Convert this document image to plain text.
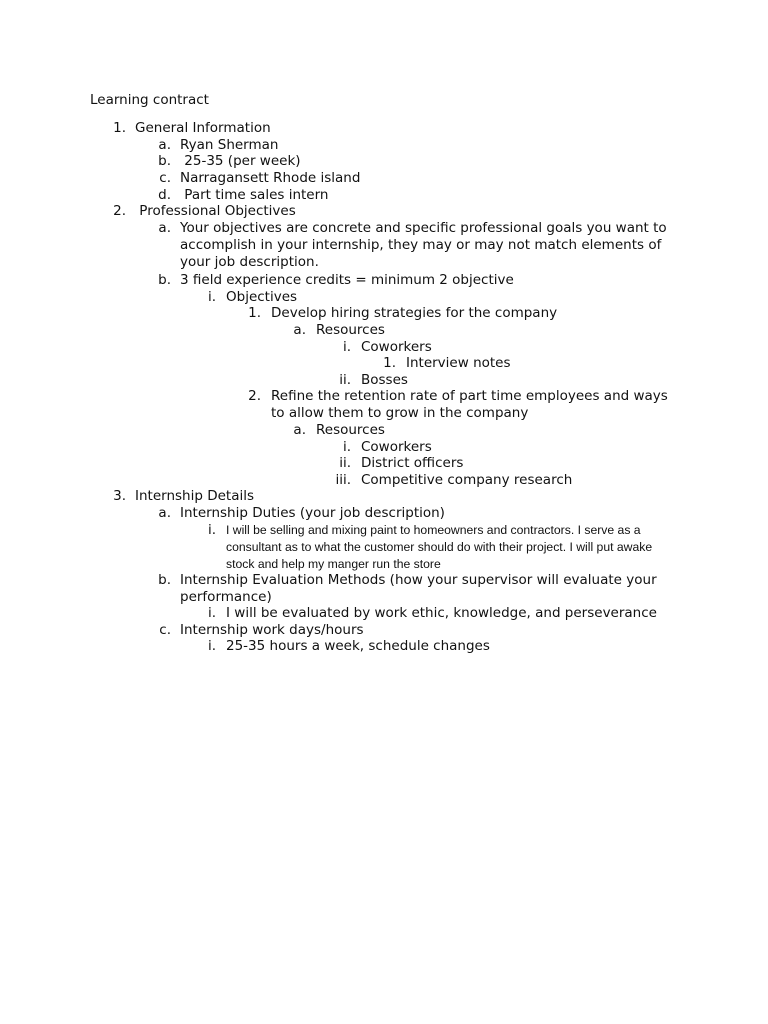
Learning contract
1. General Information
a. Ryan Sherman
b. 25-35 (per week)
c. Narragansett Rhode island
d. Part time sales intern
2. Professional Objectives
a. Your objectives are concrete and specific professional goals you want to accomplish in your internship, they may or may not match elements of your job description.
b. 3 field experience credits = minimum 2 objective
i. Objectives
1. Develop hiring strategies for the company
a. Resources
i. Coworkers
1. Interview notes
ii. Bosses
2. Refine the retention rate of part time employees and ways to allow them to grow in the company
a. Resources
i. Coworkers
ii. District officers
iii. Competitive company research
3. Internship Details
a. Internship Duties (your job description)
i. I will be selling and mixing paint to homeowners and contractors. I serve as a consultant as to what the customer should do with their project. I will put awake stock and help my manger run the store
b. Internship Evaluation Methods (how your supervisor will evaluate your performance)
i. I will be evaluated by work ethic, knowledge, and perseverance
c. Internship work days/hours
i. 25-35 hours a week, schedule changes
